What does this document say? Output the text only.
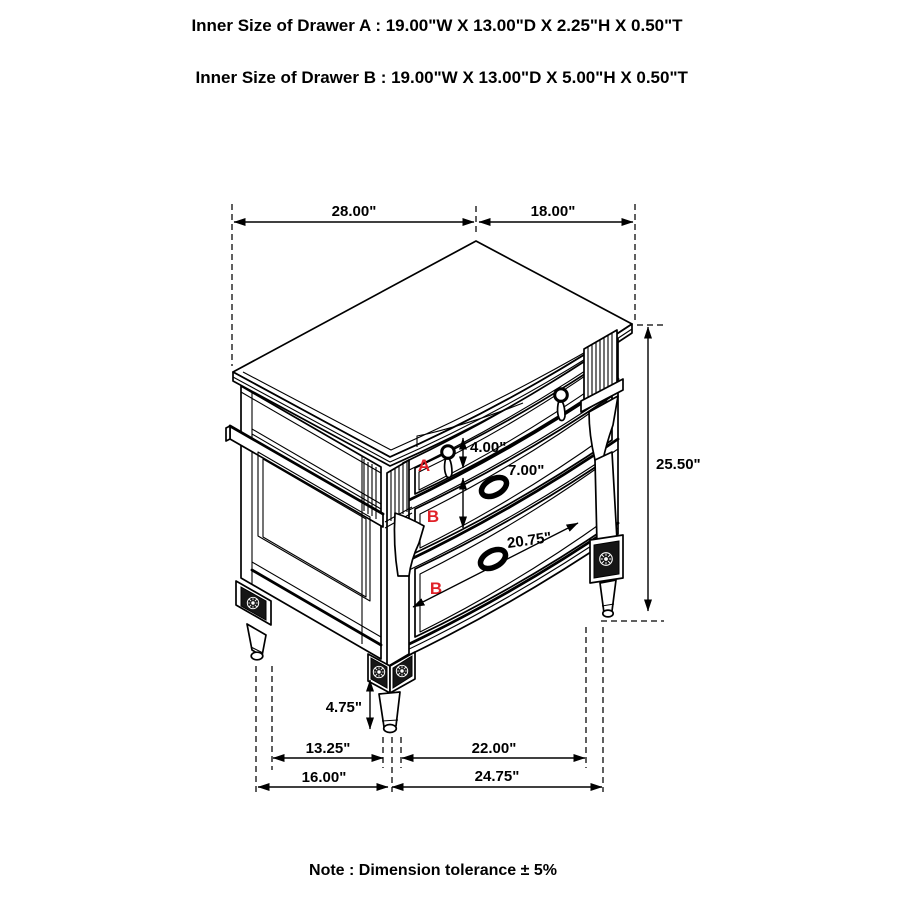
Inner Size of Drawer A : 19.00"W X 13.00"D X 2.25"H X 0.50"T

Inner Size of Drawer B : 19.00"W X 13.00"D X 5.00"H X 0.50"T
A
B
B
28.00"	18.00"
25.50"
4.00"
7.00"
20.75"
4.75"
13.25"
16.00"
22.00"
24.75"
Note : Dimension tolerance ± 5%
